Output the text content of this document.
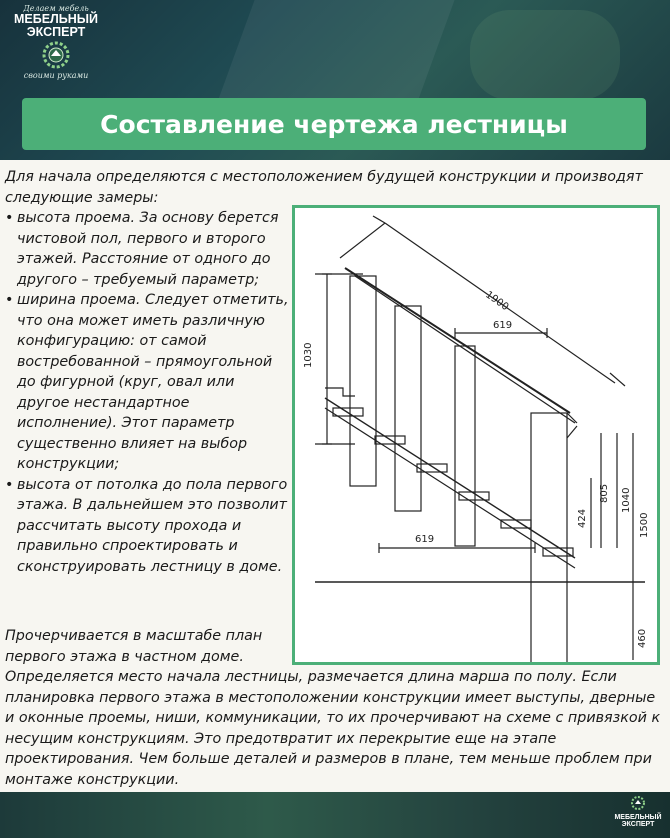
Делаем мебель
МЕБЕЛЬНЫЙ
ЭКСПЕРТ
своими руками
Составление чертежа лестницы

Для начала определяются с местоположением будущей конструкции и производят следующие замеры:

• высота проема. За основу берется чистовой пол, первого и второго этажей. Расстояние от одного до другого – требуемый параметр;
• ширина проема. Следует отметить, что она может иметь различную конфигурацию: от самой востребованной – прямоугольной до фигурной (круг, овал или другое нестандартное исполнение). Этот параметр существенно влияет на выбор конструкции;
• высота от потолка до пола первого этажа. В дальнейшем это позволит рассчитать высоту прохода и правильно спроектировать и сконструировать лестницу в доме.

Прочерчивается в масштабе план первого этажа в частном доме.

Определяется место начала лестницы, размечается длина марша по полу. Если планировка первого этажа в местоположении конструкции имеет выступы, дверные и оконные проемы, ниши, коммуникации, то их прочерчивают на схеме с привязкой к несущим конструкциям. Это предотвратит их перекрытие еще на этапе проектирования. Чем больше деталей и размеров в плане, тем меньше проблем при монтаже конструкции.

1030
1900
619
619
424
805 1040
1500
460
МЕБЕЛЬНЫЙ
ЭКСПЕРТ
